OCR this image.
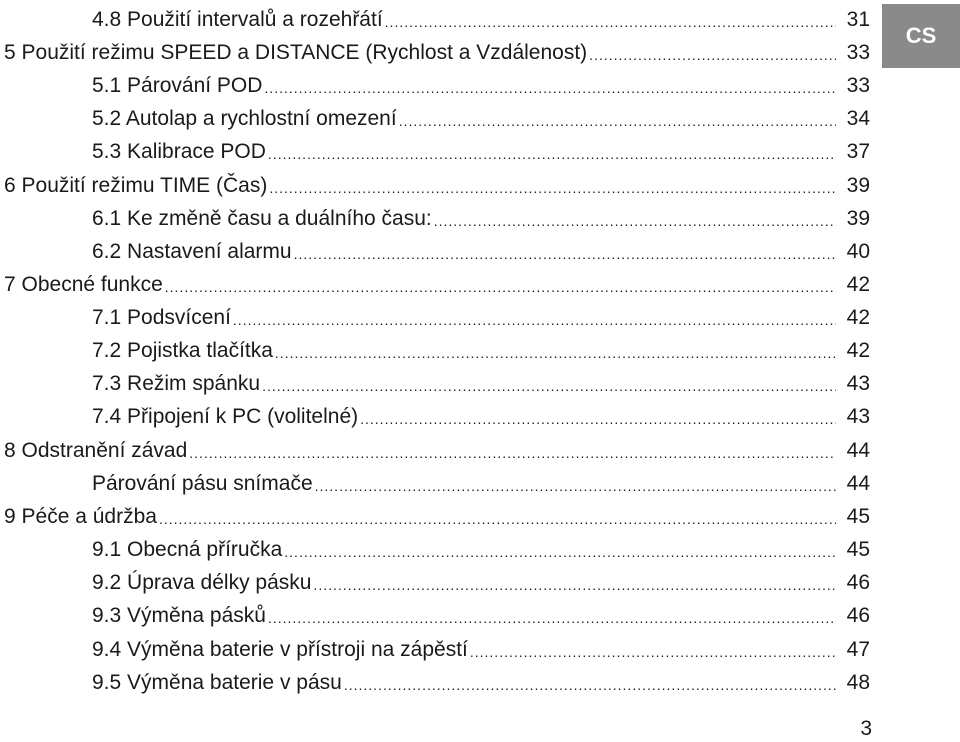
4.8 Použití intervalů a rozehřátí .....	31
5 Použití režimu SPEED a DISTANCE (Rychlost a Vzdálenost) .....	33
5.1 Párování POD .....	33
5.2 Autolap a rychlostní omezení .....	34
5.3 Kalibrace POD .....	37
6 Použití režimu TIME (Čas) .....	39
6.1 Ke změně času a duálního času: .....	39
6.2 Nastavení alarmu .....	40
7 Obecné funkce .....	42
7.1 Podsvícení .....	42
7.2 Pojistka tlačítka .....	42
7.3 Režim spánku .....	43
7.4 Připojení k PC (volitelné) .....	43
8 Odstranění závad .....	44
Párování pásu snímače .....	44
9 Péče a údržba .....	45
9.1 Obecná příručka .....	45
9.2 Úprava délky pásku .....	46
9.3 Výměna pásků .....	46
9.4 Výměna baterie v přístroji na zápěstí .....	47
9.5 Výměna baterie v pásu .....	48
CS
3
